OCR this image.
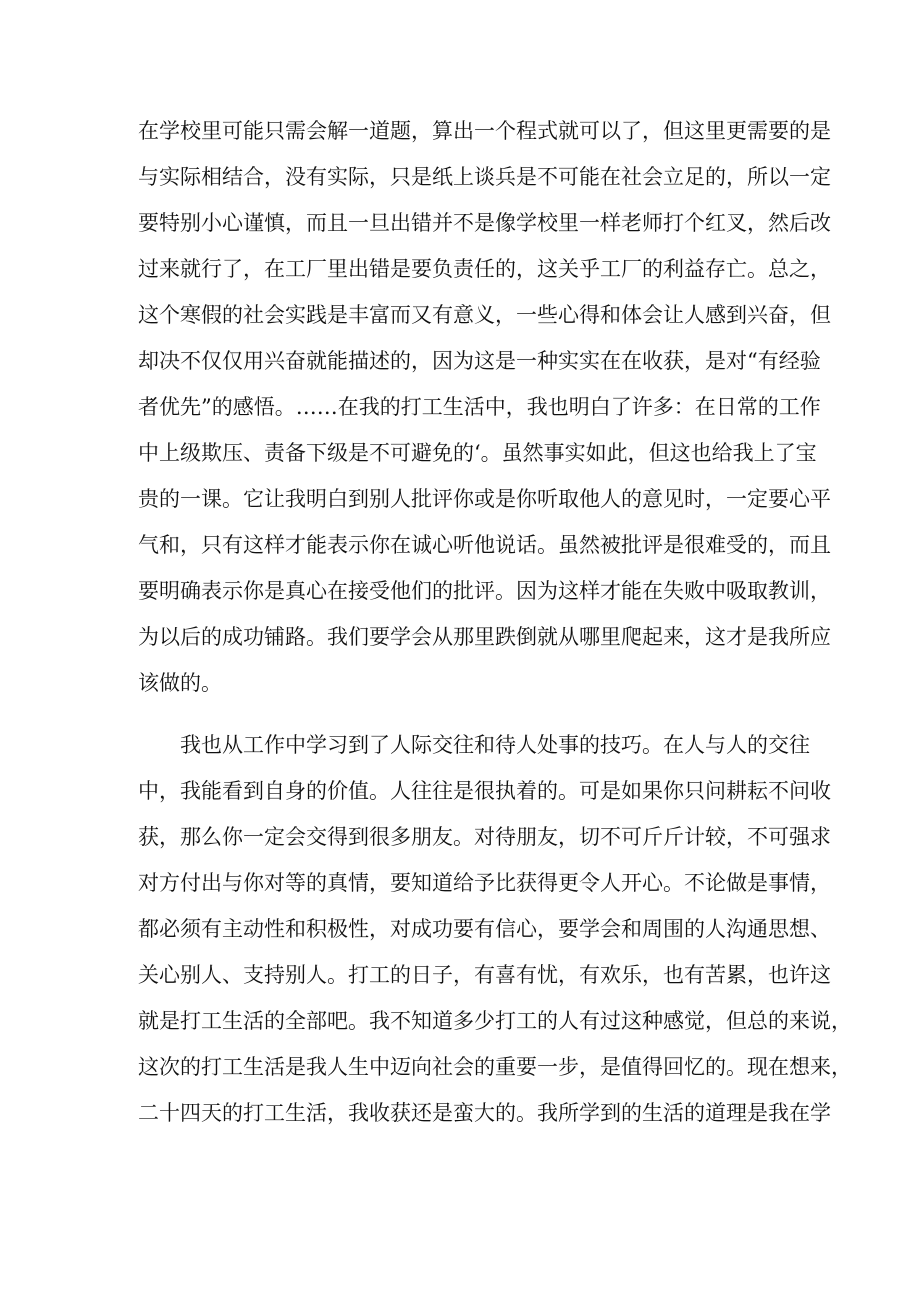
在学校里可能只需会解一道题，算出一个程式就可以了，但这里更需要的是
与实际相结合，没有实际，只是纸上谈兵是不可能在社会立足的，所以一定
要特别小心谨慎，而且一旦出错并不是像学校里一样老师打个红叉，然后改
过来就行了，在工厂里出错是要负责任的，这关乎工厂的利益存亡。总之，
这个寒假的社会实践是丰富而又有意义，一些心得和体会让人感到兴奋，但
却决不仅仅用兴奋就能描述的，因为这是一种实实在在收获，是对“有经验
者优先”的感悟。……在我的打工生活中，我也明白了许多：在日常的工作
中上级欺压、责备下级是不可避免的‘。虽然事实如此，但这也给我上了宝
贵的一课。它让我明白到别人批评你或是你听取他人的意见时，一定要心平
气和，只有这样才能表示你在诚心听他说话。虽然被批评是很难受的，而且
要明确表示你是真心在接受他们的批评。因为这样才能在失败中吸取教训，
为以后的成功铺路。我们要学会从那里跌倒就从哪里爬起来，这才是我所应
该做的。
我也从工作中学习到了人际交往和待人处事的技巧。在人与人的交往
中，我能看到自身的价值。人往往是很执着的。可是如果你只问耕耘不问收
获，那么你一定会交得到很多朋友。对待朋友，切不可斤斤计较，不可强求
对方付出与你对等的真情，要知道给予比获得更令人开心。不论做是事情，
都必须有主动性和积极性，对成功要有信心，要学会和周围的人沟通思想、
关心别人、支持别人。打工的日子，有喜有忧，有欢乐，也有苦累，也许这
就是打工生活的全部吧。我不知道多少打工的人有过这种感觉，但总的来说，
这次的打工生活是我人生中迈向社会的重要一步，是值得回忆的。现在想来，
二十四天的打工生活，我收获还是蛮大的。我所学到的生活的道理是我在学
